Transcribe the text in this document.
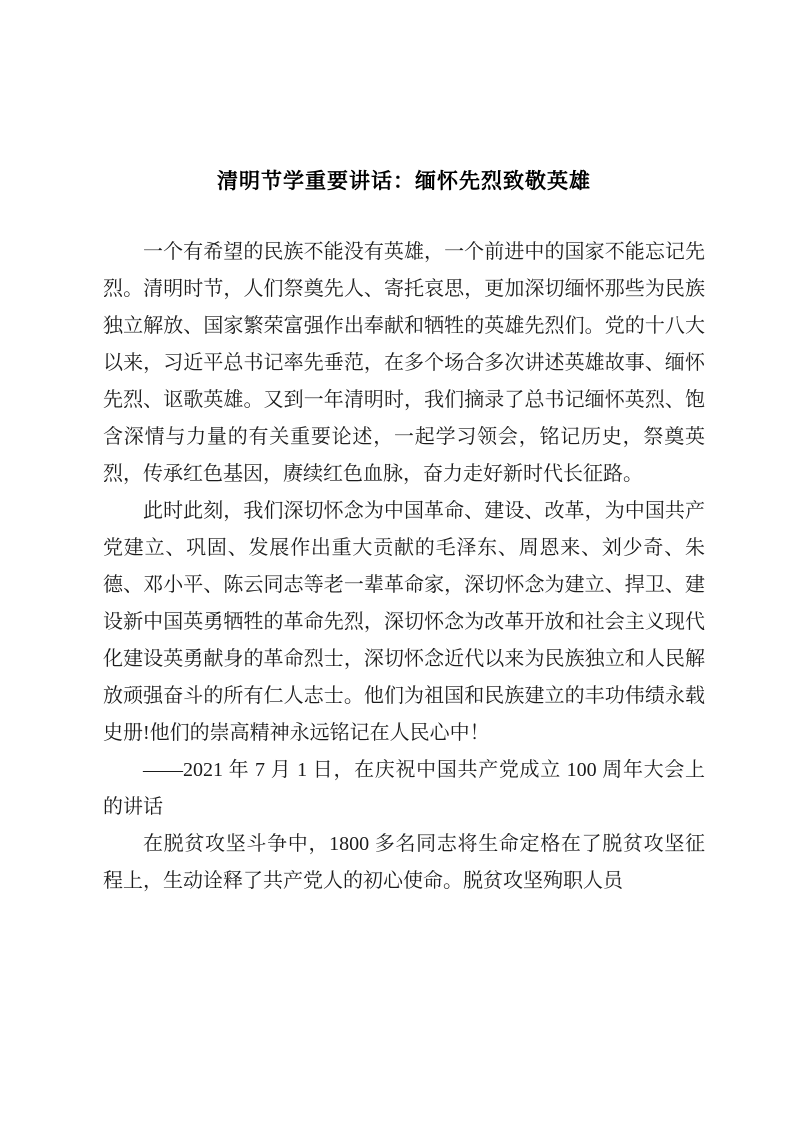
清明节学重要讲话：缅怀先烈致敬英雄

一个有希望的民族不能没有英雄，一个前进中的国家不能忘记先烈。清明时节，人们祭奠先人、寄托哀思，更加深切缅怀那些为民族独立解放、国家繁荣富强作出奉献和牺牲的英雄先烈们。党的十八大以来，习近平总书记率先垂范，在多个场合多次讲述英雄故事、缅怀先烈、讴歌英雄。又到一年清明时，我们摘录了总书记缅怀英烈、饱含深情与力量的有关重要论述，一起学习领会，铭记历史，祭奠英烈，传承红色基因，赓续红色血脉，奋力走好新时代长征路。

此时此刻，我们深切怀念为中国革命、建设、改革，为中国共产党建立、巩固、发展作出重大贡献的毛泽东、周恩来、刘少奇、朱德、邓小平、陈云同志等老一辈革命家，深切怀念为建立、捍卫、建设新中国英勇牺牲的革命先烈，深切怀念为改革开放和社会主义现代化建设英勇献身的革命烈士，深切怀念近代以来为民族独立和人民解放顽强奋斗的所有仁人志士。他们为祖国和民族建立的丰功伟绩永载史册!他们的崇高精神永远铭记在人民心中！

——2021 年 7 月 1 日，在庆祝中国共产党成立 100 周年大会上的讲话

在脱贫攻坚斗争中，1800 多名同志将生命定格在了脱贫攻坚征程上，生动诠释了共产党人的初心使命。脱贫攻坚殉职人员
